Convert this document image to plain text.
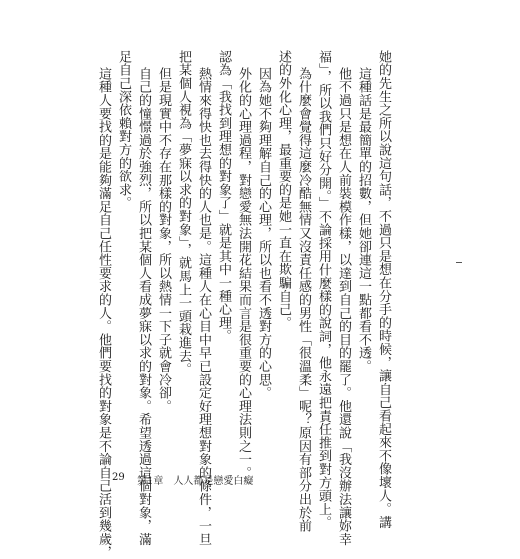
她的先生之所以說這句話，不過只是想在分手的時候，讓自己看起來不像壞人。講

這種話是最簡單的招數，但她卻連這一點都看不透。

他不過只是想在人前裝模作樣，以達到自己的目的罷了。他還說「我沒辦法讓妳幸

福」，所以我們只好分開。」不論採用什麼樣的說詞，他永遠把責任推到對方頭上。

為什麼會覺得這麼冷酷無情又沒責任感的男性「很溫柔」呢？原因有部分出於前

述的外化心理，最重要的是她一直在欺騙自己。

因為她不夠理解自己的心理，所以也看不透對方的心思。

外化的心理過程，對戀愛無法開花結果而言是很重要的心理法則之一。

認為「我找到理想的對象了」就是其中一種心理。

熱情來得快也去得快的人也是。這種人在心目中早已設定好理想對象的條件，一旦

把某個人視為「夢寐以求的對象」，就馬上一頭栽進去。

但是現實中不存在那樣的對象，所以熱情一下子就會冷卻。

自己的憧憬過於強烈，所以把某個人看成夢寐以求的對象。希望透過這個對象，滿

足自己深依賴對方的欲求。

這種人要找的是能夠滿足自己任性要求的人。他們要找的對象是不論自己活到幾歲， 29 第1章　人人都是戀愛白癡
